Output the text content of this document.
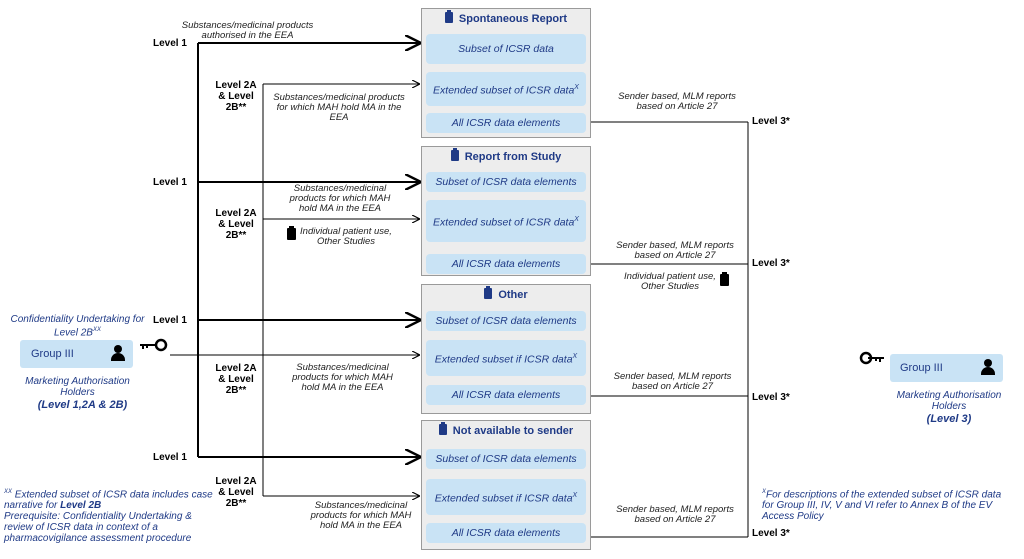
Spontaneous Report
Subset of ICSR data
Extended subset of ICSR data$^X$
All ICSR data elements
Report from Study
Subset of ICSR data elements
Extended subset of ICSR data$^X$
All ICSR data elements
Other
Subset of ICSR data elements
Extended subset if ICSR data$^X$
All ICSR data elements
Not available to sender
Subset of ICSR data elements
Extended subset if ICSR data$^X$
All ICSR data elements
Level 1
Level 1
Level 1
Level 1
Level 2A & Level 2B**
Level 2A & Level 2B**
Level 2A & Level 2B**
Level 2A & Level 2B**
Substances/medicinal products authorised in the EEA
Substances/medicinal products for which MAH hold MA in the EEA
Substances/medicinal products for which MAH hold MA in the EEA
Substances/medicinal products for which MAH hold MA in the EEA
Substances/medicinal products for which MAH hold MA in the EEA
Individual patient use, Other Studies
Level 3*
Level 3*
Level 3*
Level 3*
Sender based, MLM reports based on Article 27
Sender based, MLM reports based on Article 27
Sender based, MLM reports based on Article 27
Sender based, MLM reports based on Article 27
Individual patient use, Other Studies
Confidentiality Undertaking for Level $2B^{XX}$
Group III
Marketing Authorisation Holders
(Level 1,2A & 2B)
Group III
Marketing Authorisation Holders
(Level 3)
$^{XX}$ Extended subset of ICSR data includes case narrative for Level 2B
Prerequisite: Confidentiality Undertaking & review of ICSR data in context of a pharmacovigilance assessment procedure
$^X$For descriptions of the extended subset of ICSR data for Group III, IV, V and VI refer to Annex B of the EV Access Policy
